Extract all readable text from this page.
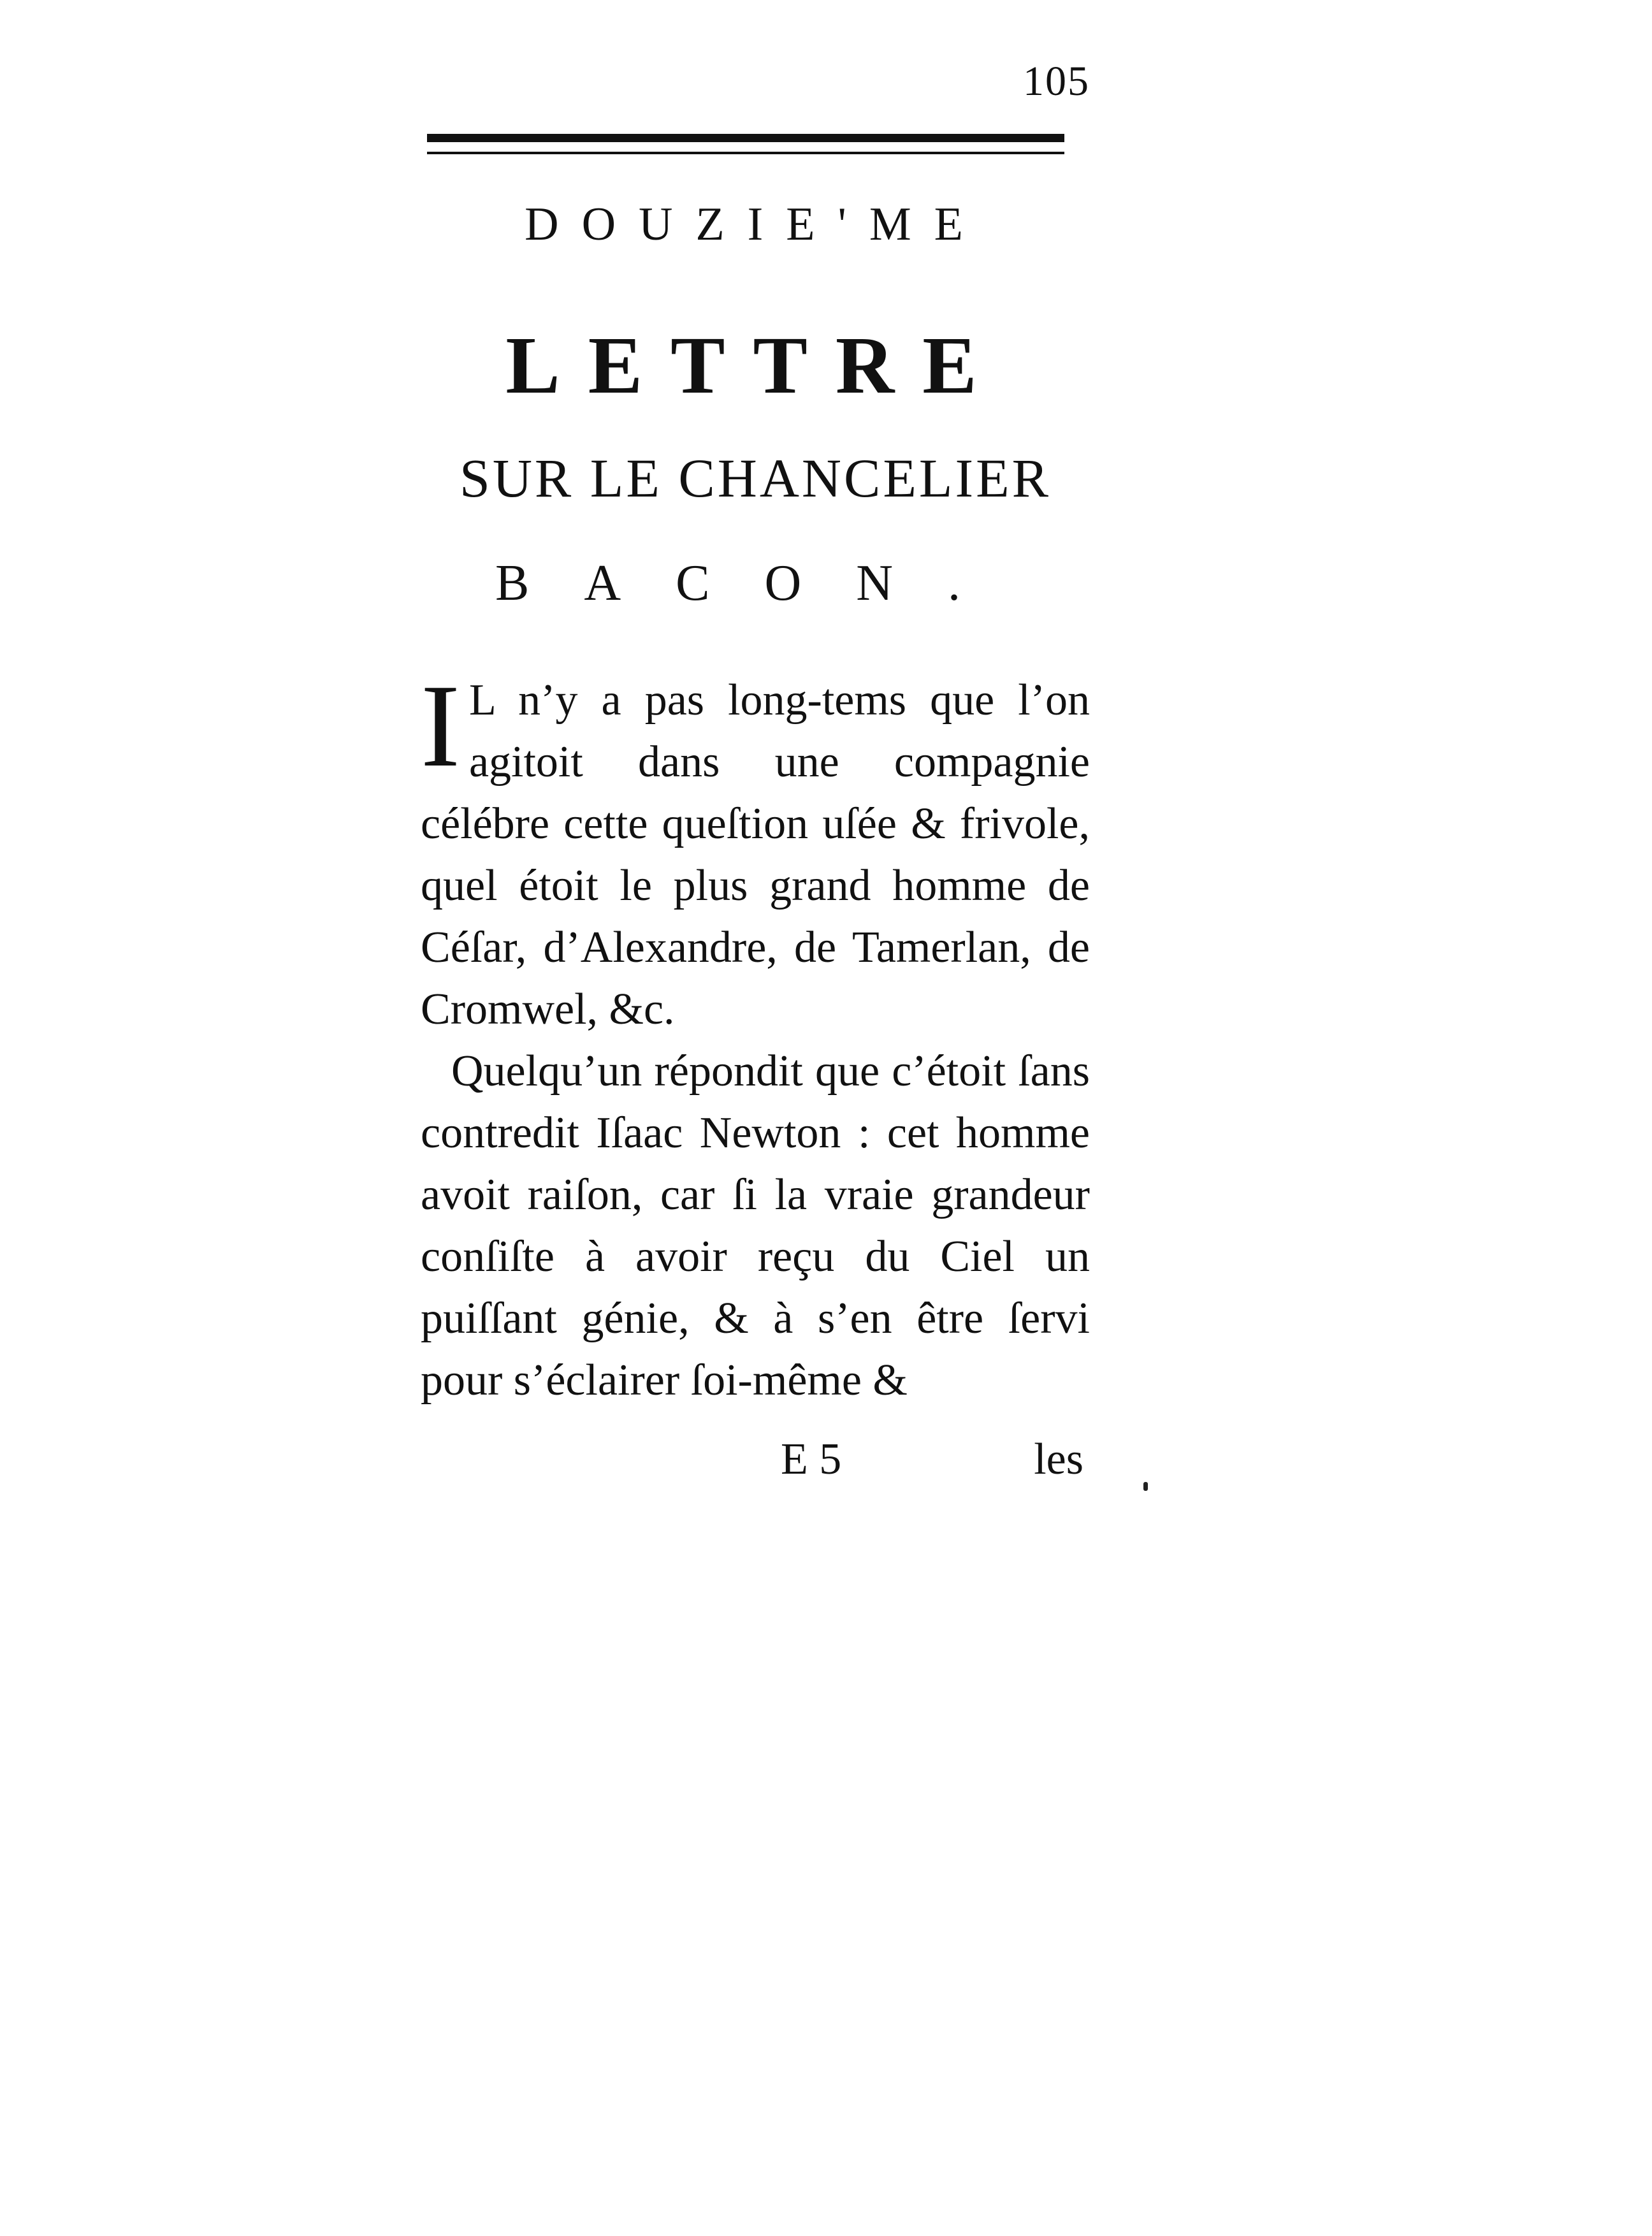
105
DOUZIE'ME
LETTRE
SUR LE CHANCELIER
BACON.

IL n’y a pas long-tems que l’on agitoit dans une compagnie célébre cette queſtion uſée & frivole, quel étoit le plus grand homme de Céſar, d’Alexandre, de Tamerlan, de Cromwel, &c.

Quelqu’un répondit que c’étoit ſans contredit Iſaac Newton : cet homme avoit raiſon, car ſi la vraie grandeur conſiſte à avoir reçu du Ciel un puiſſant génie, & à s’en être ſervi pour s’éclairer ſoi-même &

E 5	les
